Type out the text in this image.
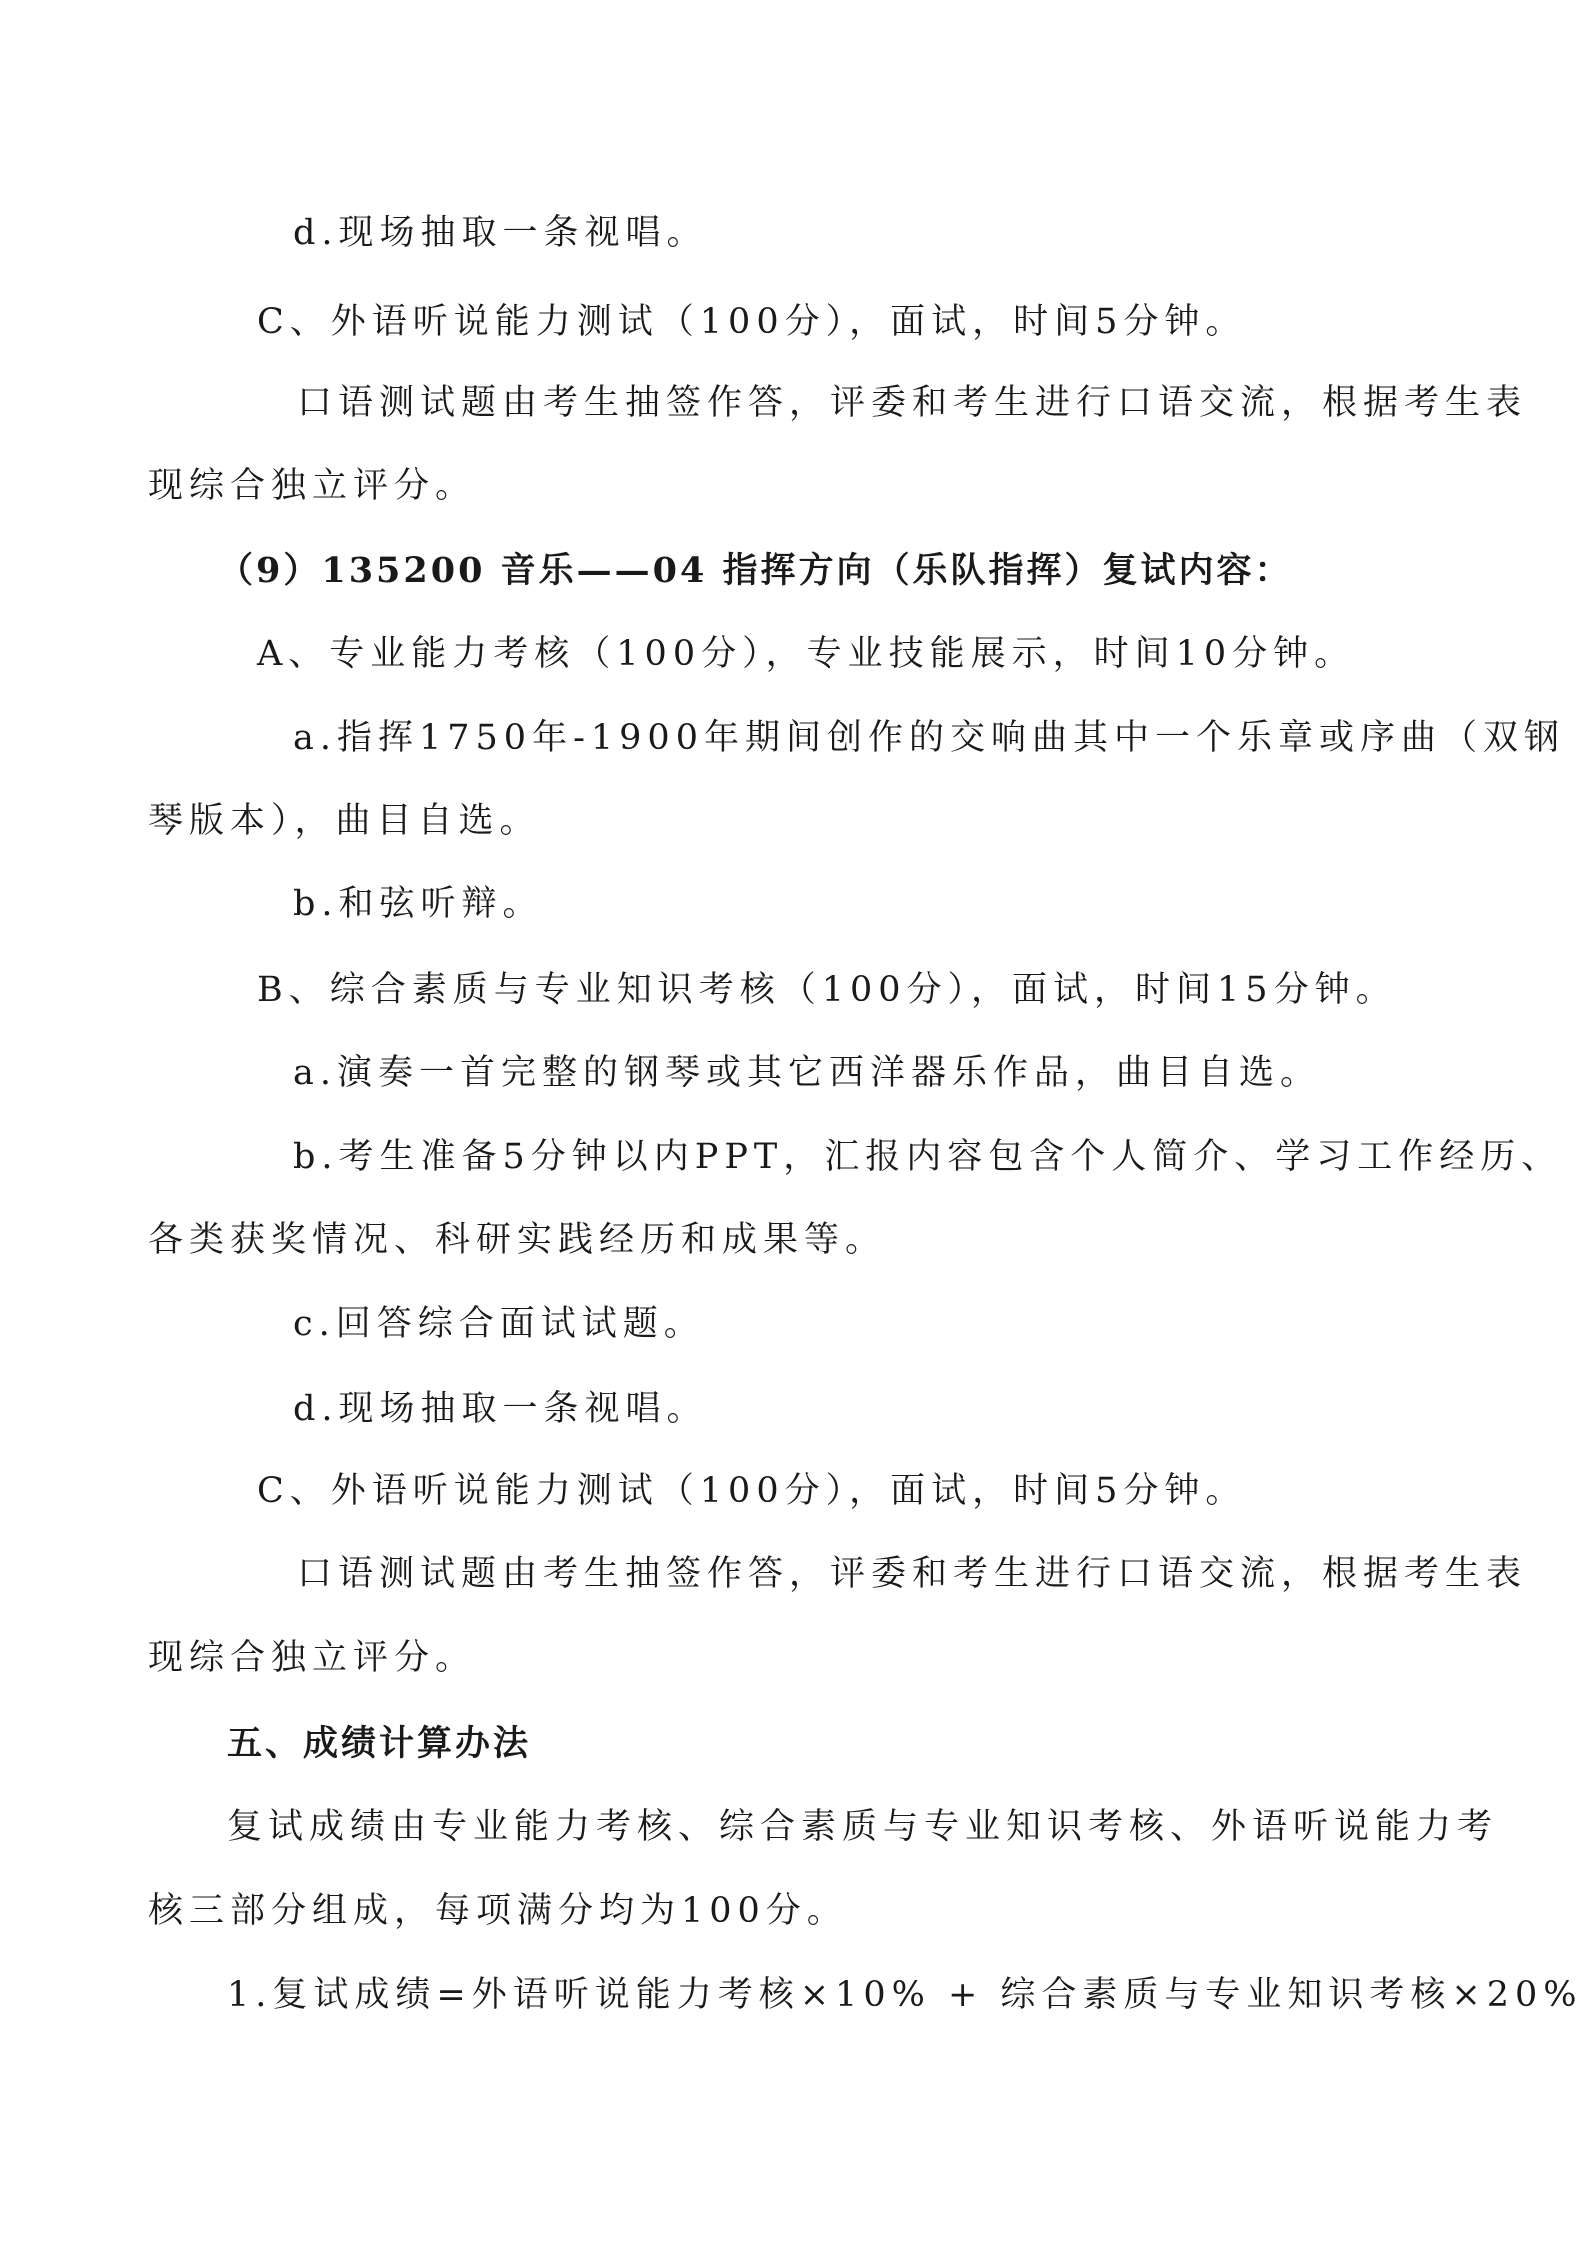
d.现场抽取一条视唱。
C、外语听说能力测试（100分），面试，时间5分钟。
口语测试题由考生抽签作答，评委和考生进行口语交流，根据考生表
现综合独立评分。
（9）135200 音乐——04 指挥方向（乐队指挥）复试内容：
A、专业能力考核（100分），专业技能展示，时间10分钟。
a.指挥1750年-1900年期间创作的交响曲其中一个乐章或序曲（双钢
琴版本），曲目自选。
b.和弦听辩。
B、综合素质与专业知识考核（100分），面试，时间15分钟。
a.演奏一首完整的钢琴或其它西洋器乐作品，曲目自选。
b.考生准备5分钟以内PPT，汇报内容包含个人简介、学习工作经历、
各类获奖情况、科研实践经历和成果等。
c.回答综合面试试题。
d.现场抽取一条视唱。
C、外语听说能力测试（100分），面试，时间5分钟。
口语测试题由考生抽签作答，评委和考生进行口语交流，根据考生表
现综合独立评分。
五、成绩计算办法
复试成绩由专业能力考核、综合素质与专业知识考核、外语听说能力考
核三部分组成，每项满分均为100分。
1.复试成绩=外语听说能力考核×10% + 综合素质与专业知识考核×20%
